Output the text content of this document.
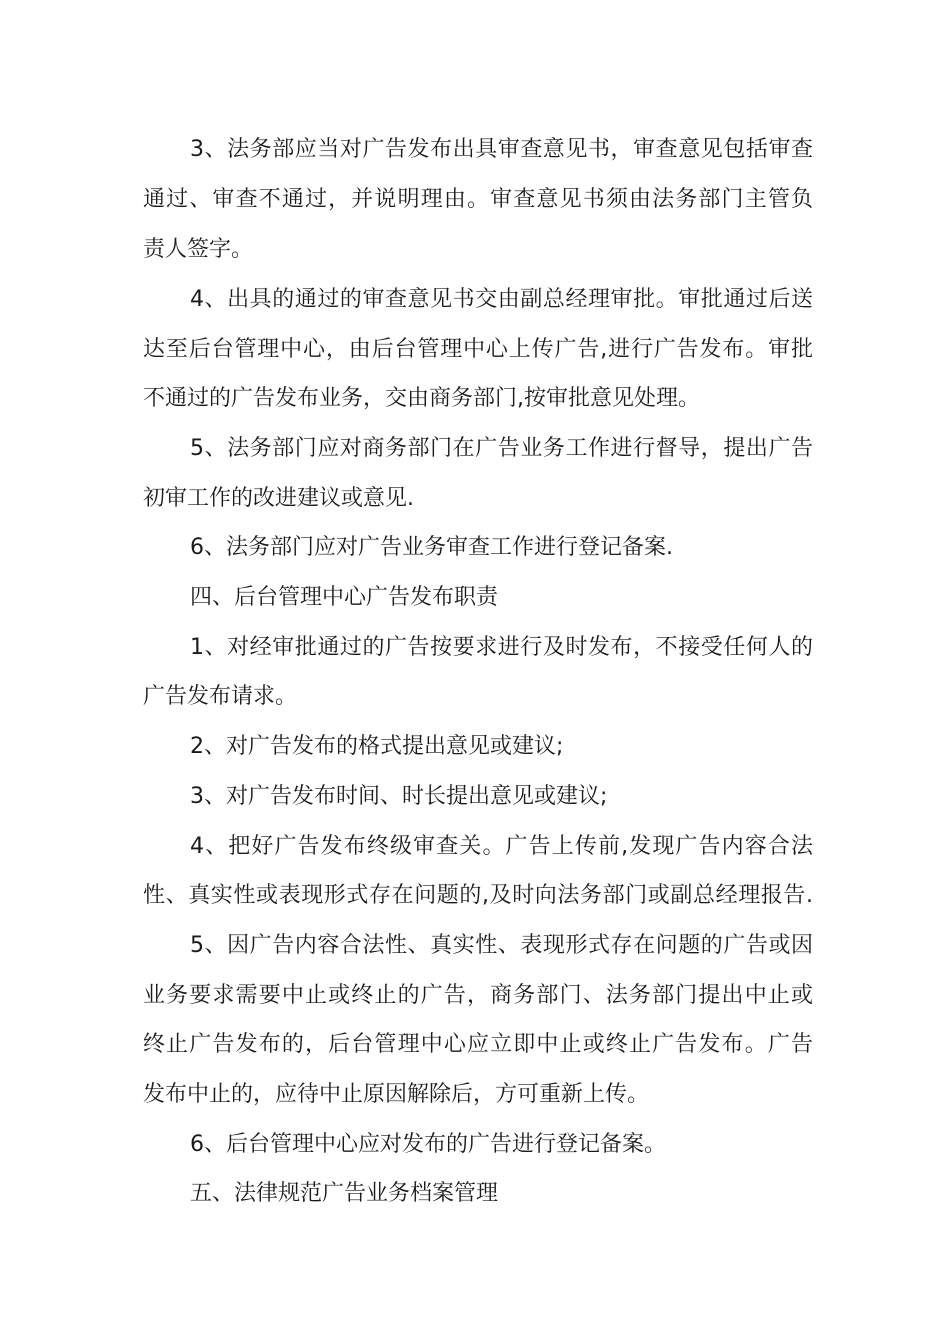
3、法务部应当对广告发布出具审查意见书，审查意见包括审查
通过、审查不通过，并说明理由。审查意见书须由法务部门主管负
责人签字。
4、出具的通过的审查意见书交由副总经理审批。审批通过后送
达至后台管理中心，由后台管理中心上传广告,进行广告发布。审批
不通过的广告发布业务，交由商务部门,按审批意见处理。
5、法务部门应对商务部门在广告业务工作进行督导，提出广告
初审工作的改进建议或意见.
6、法务部门应对广告业务审查工作进行登记备案.
四、后台管理中心广告发布职责
1、对经审批通过的广告按要求进行及时发布，不接受任何人的
广告发布请求。
2、对广告发布的格式提出意见或建议;
3、对广告发布时间、时长提出意见或建议;
4、把好广告发布终级审查关。广告上传前,发现广告内容合法
性、真实性或表现形式存在问题的,及时向法务部门或副总经理报告.
5、因广告内容合法性、真实性、表现形式存在问题的广告或因
业务要求需要中止或终止的广告，商务部门、法务部门提出中止或
终止广告发布的，后台管理中心应立即中止或终止广告发布。广告
发布中止的，应待中止原因解除后，方可重新上传。
6、后台管理中心应对发布的广告进行登记备案。
五、法律规范广告业务档案管理
